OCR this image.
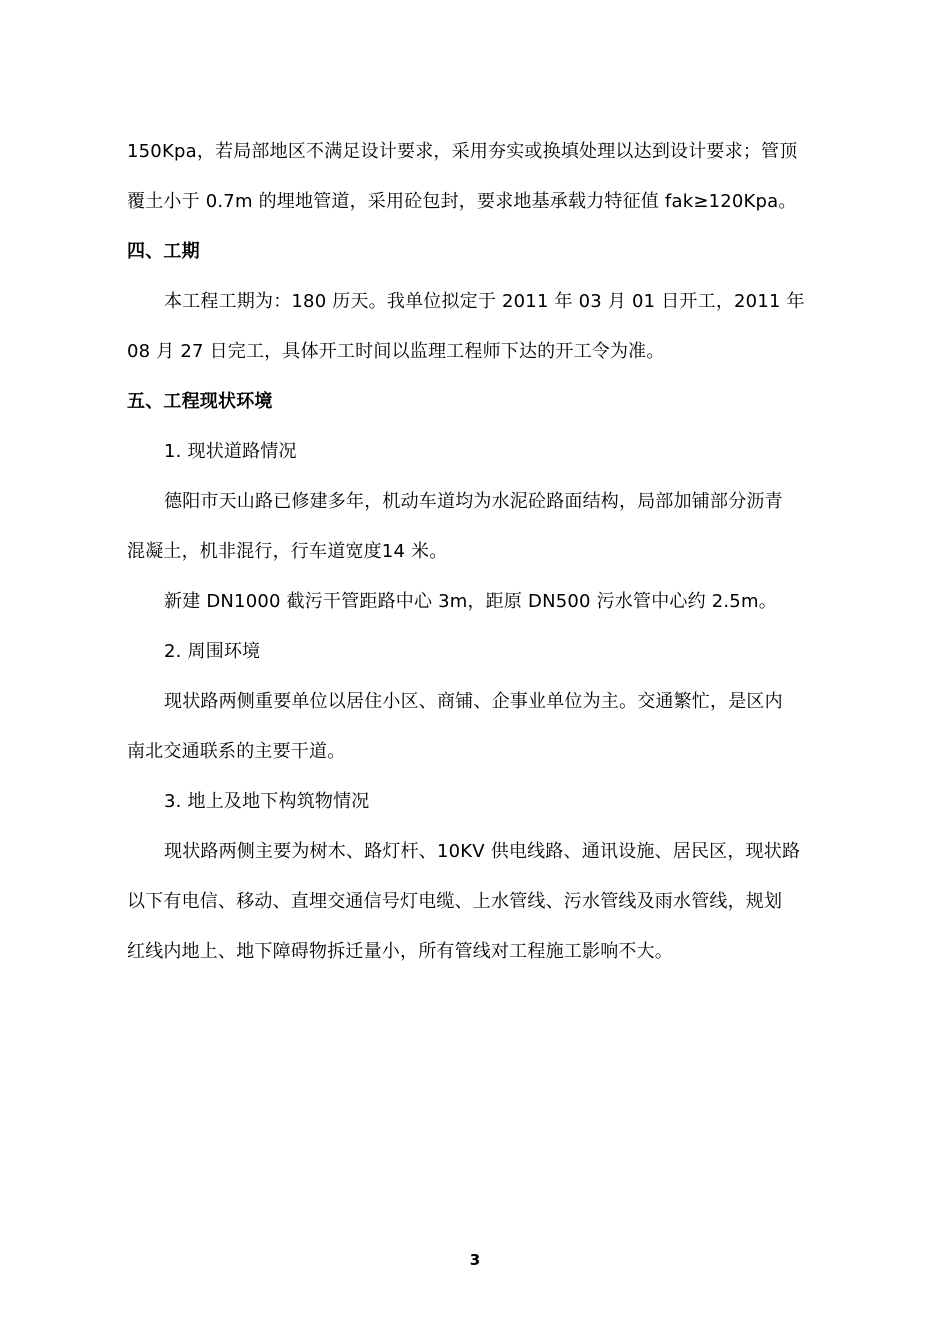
150Kpa，若局部地区不满足设计要求，采用夯实或换填处理以达到设计要求；管顶
覆土小于 0.7m 的埋地管道，采用砼包封，要求地基承载力特征值 fak≥120Kpa。
四、工期
本工程工期为：180 历天。我单位拟定于 2011 年 03 月 01 日开工，2011 年
08 月 27 日完工，具体开工时间以监理工程师下达的开工令为准。
五、工程现状环境
1. 现状道路情况
德阳市天山路已修建多年，机动车道均为水泥砼路面结构，局部加铺部分沥青
混凝土，机非混行，行车道宽度14 米。
新建 DN1000 截污干管距路中心 3m，距原 DN500 污水管中心约 2.5m。
2. 周围环境
现状路两侧重要单位以居住小区、商铺、企事业单位为主。交通繁忙，是区内
南北交通联系的主要干道。
3. 地上及地下构筑物情况
现状路两侧主要为树木、路灯杆、10KV 供电线路、通讯设施、居民区，现状路
以下有电信、移动、直埋交通信号灯电缆、上水管线、污水管线及雨水管线，规划
红线内地上、地下障碍物拆迁量小，所有管线对工程施工影响不大。
3
